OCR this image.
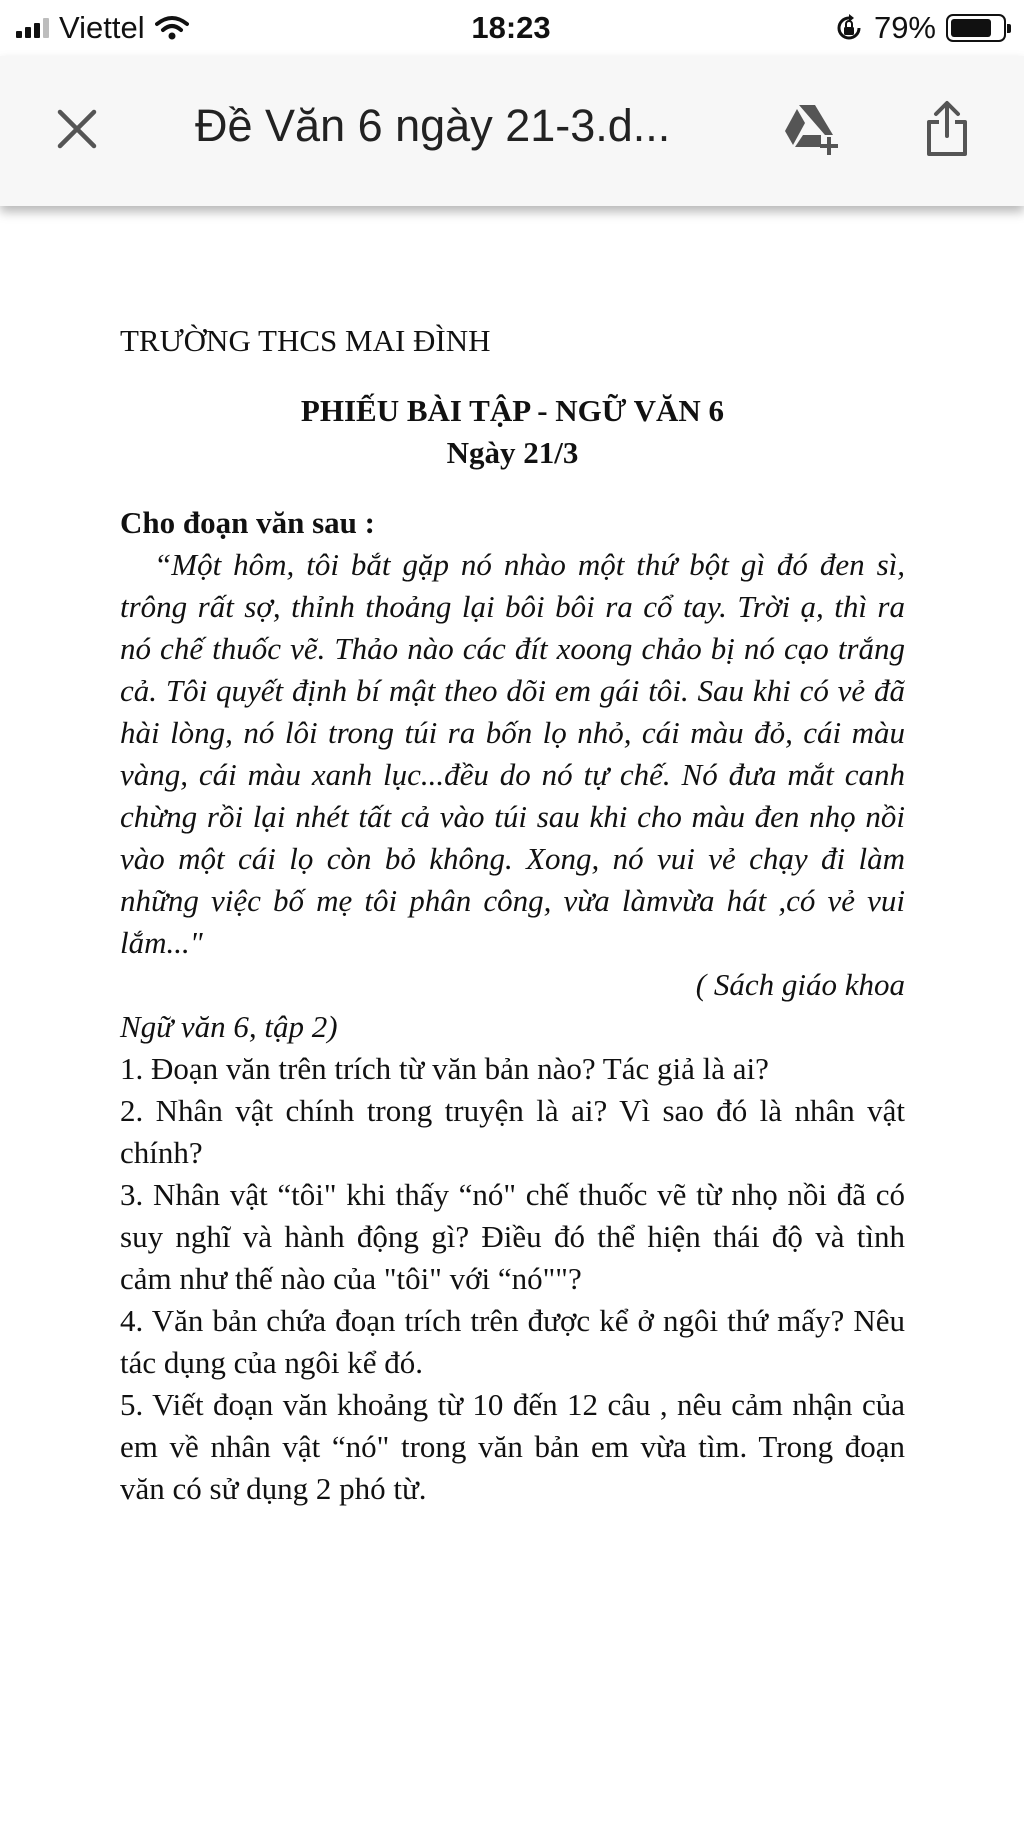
Viettel	18:23	79%
Đề Văn 6 ngày 21-3.d...
TRƯỜNG THCS MAI ĐÌNH
PHIẾU BÀI TẬP - NGỮ VĂN 6
Ngày 21/3
Cho đoạn văn sau :
“Một hôm, tôi bắt gặp nó nhào một thứ bột gì đó đen sì, trông rất sợ, thỉnh thoảng lại bôi bôi ra cổ tay. Trời ạ, thì ra nó chế thuốc vẽ. Thảo nào các đít xoong chảo bị nó cạo trắng cả. Tôi quyết định bí mật theo dõi em gái tôi. Sau khi có vẻ đã hài lòng, nó lôi trong túi ra bốn lọ nhỏ, cái màu đỏ, cái màu vàng, cái màu xanh lục...đều do nó tự chế. Nó đưa mắt canh chừng rồi lại nhét tất cả vào túi sau khi cho màu đen nhọ nồi vào một cái lọ còn bỏ không. Xong, nó vui vẻ chạy đi làm những việc bố mẹ tôi phân công, vừa làmvừa hát ,có vẻ vui lắm..."
( Sách giáo khoa
Ngữ văn 6, tập 2)
1. Đoạn văn trên trích từ văn bản nào? Tác giả là ai?
2. Nhân vật chính trong truyện là ai? Vì sao đó là nhân vật chính?
3. Nhân vật “tôi" khi thấy “nó" chế thuốc vẽ từ nhọ nồi đã có suy nghĩ và hành động gì? Điều đó thể hiện thái độ và tình cảm như thế nào của "tôi" với “nó""?
4. Văn bản chứa đoạn trích trên được kể ở ngôi thứ mấy? Nêu tác dụng của ngôi kể đó.
5. Viết đoạn văn khoảng từ 10 đến 12 câu , nêu cảm nhận của em về nhân vật “nó" trong văn bản em vừa tìm. Trong đoạn văn có sử dụng 2 phó từ.
